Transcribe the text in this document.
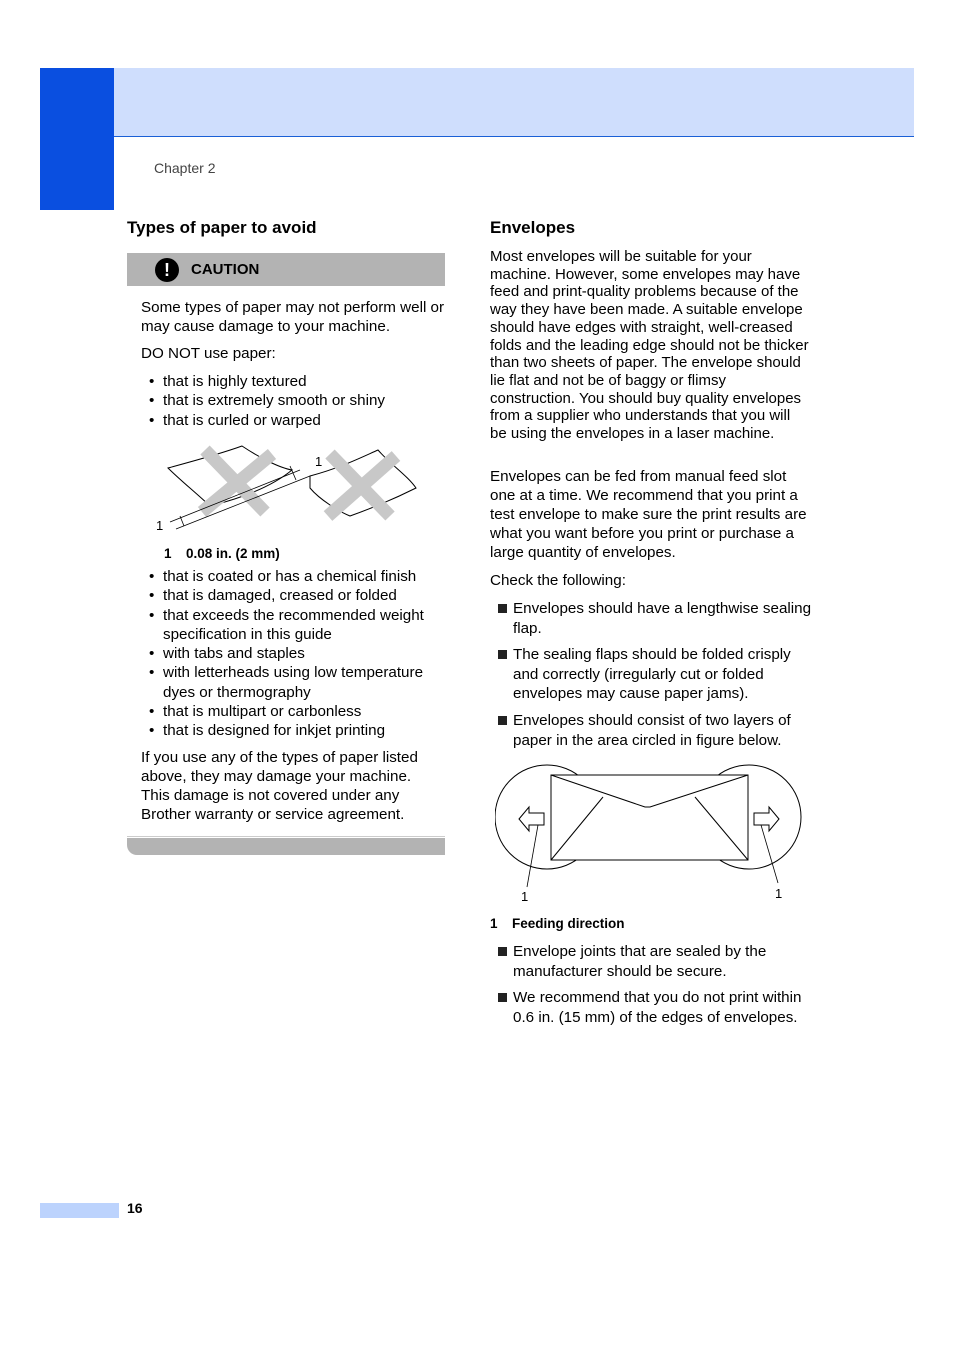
Chapter 2
Types of paper to avoid
!	CAUTION
Some types of paper may not perform well or may cause damage to your machine.
DO NOT use paper:
• that is highly textured
• that is extremely smooth or shiny
• that is curled or warped
1
1
1 0.08 in. (2 mm)
• that is coated or has a chemical finish
• that is damaged, creased or folded
• that exceeds the recommended weight specification in this guide
• with tabs and staples
• with letterheads using low temperature dyes or thermography
• that is multipart or carbonless
• that is designed for inkjet printing
If you use any of the types of paper listed above, they may damage your machine. This damage is not covered under any Brother warranty or service agreement.
Envelopes
Most envelopes will be suitable for your machine. However, some envelopes may have feed and print-quality problems because of the way they have been made. A suitable envelope should have edges with straight, well-creased folds and the leading edge should not be thicker than two sheets of paper. The envelope should lie flat and not be of baggy or flimsy construction. You should buy quality envelopes from a supplier who understands that you will be using the envelopes in a laser machine.
Envelopes can be fed from manual feed slot one at a time. We recommend that you print a test envelope to make sure the print results are what you want before you print or purchase a large quantity of envelopes.
Check the following:
Envelopes should have a lengthwise sealing flap.
The sealing flaps should be folded crisply and correctly (irregularly cut or folded envelopes may cause paper jams).
Envelopes should consist of two layers of paper in the area circled in figure below.
1	1
1 Feeding direction
Envelope joints that are sealed by the manufacturer should be secure.
We recommend that you do not print within 0.6 in. (15 mm) of the edges of envelopes.
16
